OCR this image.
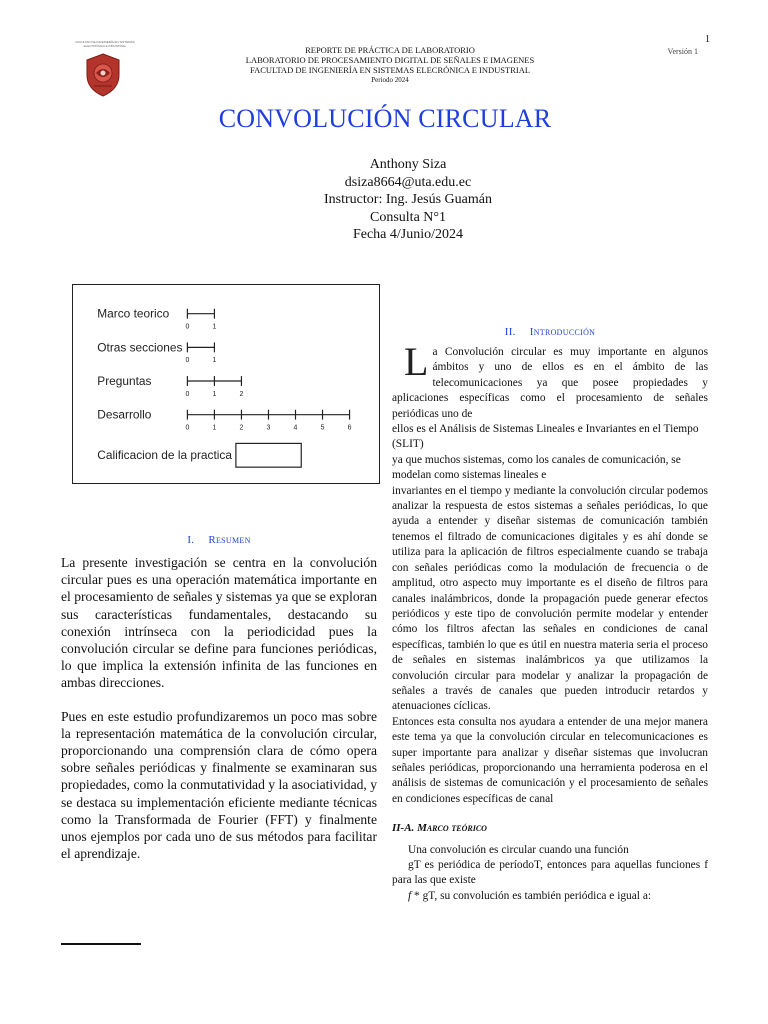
1
Versión 1
FACULTAD DE INGENIERÍA EN SISTEMAS
ELECTRÓNICA E INDUSTRIAL	REPORTE DE PRÁCTICA DE LABORATORIO
LABORATORIO DE PROCESAMIENTO DIGITAL DE SEÑALES E IMAGENES
FACULTAD DE INGENIERÍA EN SISTEMAS ELECRÓNICA E INDUSTRIAL
Periodo 2024
CONVOLUCIÓN CIRCULAR
Anthony Siza
dsiza8664@uta.edu.ec
Instructor: Ing. Jesús Guamán
Consulta N°1
Fecha 4/Junio/2024
Marco teorico
0	1
Otras secciones
0	1
Preguntas
0	1	2
Desarrollo
0	1	2	3	4	5	6
Calificacion de la practica
I. Resumen

La presente investigación se centra en la convolución circular pues es una operación matemática importante en el procesamiento de señales y sistemas ya que se exploran sus características fundamentales, destacando su conexión intrínseca con la periodicidad pues la convolución circular se define para funciones periódicas, lo que implica la extensión infinita de las funciones en ambas direcciones.

Pues en este estudio profundizaremos un poco mas sobre la representación matemática de la convolución circular, proporcionando una comprensión clara de cómo opera sobre señales periódicas y finalmente se examinaran sus propiedades, como la conmutatividad y la asociatividad, y se destaca su implementación eficiente mediante técnicas como la Transformada de Fourier (FFT) y finalmente unos ejemplos por cada uno de sus métodos para facilitar el aprendizaje.

II. Introducción

La Convolución circular es muy importante en algunos ámbitos y uno de ellos es en el ámbito de las telecomunicaciones ya que posee propiedades y aplicaciones específicas como el procesamiento de señales periódicas uno de

ellos es el Análisis de Sistemas Lineales e Invariantes en el Tiempo (SLIT)

ya que muchos sistemas, como los canales de comunicación, se modelan como sistemas lineales e

invariantes en el tiempo y mediante la convolución circular podemos analizar la respuesta de estos sistemas a señales periódicas, lo que ayuda a entender y diseñar sistemas de comunicación también tenemos el filtrado de comunicaciones digitales y es ahí donde se utiliza para la aplicación de filtros especialmente cuando se trabaja con señales periódicas como la modulación de frecuencia o de amplitud, otro aspecto muy importante es el diseño de filtros para canales inalámbricos, donde la propagación puede generar efectos periódicos y este tipo de convolución permite modelar y entender cómo los filtros afectan las señales en condiciones de canal específicas, también lo que es útil en nuestra materia seria el proceso de señales en sistemas inalámbricos ya que utilizamos la convolución circular para modelar y analizar la propagación de señales a través de canales que pueden introducir retardos y atenuaciones cíclicas.

Entonces esta consulta nos ayudara a entender de una mejor manera este tema ya que la convolución circular en telecomunicaciones es super importante para analizar y diseñar sistemas que involucran señales periódicas, proporcionando una herramienta poderosa en el análisis de sistemas de comunicación y el procesamiento de señales en condiciones específicas de canal

II-A. Marco teórico

Una convolución es circular cuando una función

gT es periódica de períodoT, entonces para aquellas funciones f para las que existe

f * gT, su convolución es también periódica e igual a:
